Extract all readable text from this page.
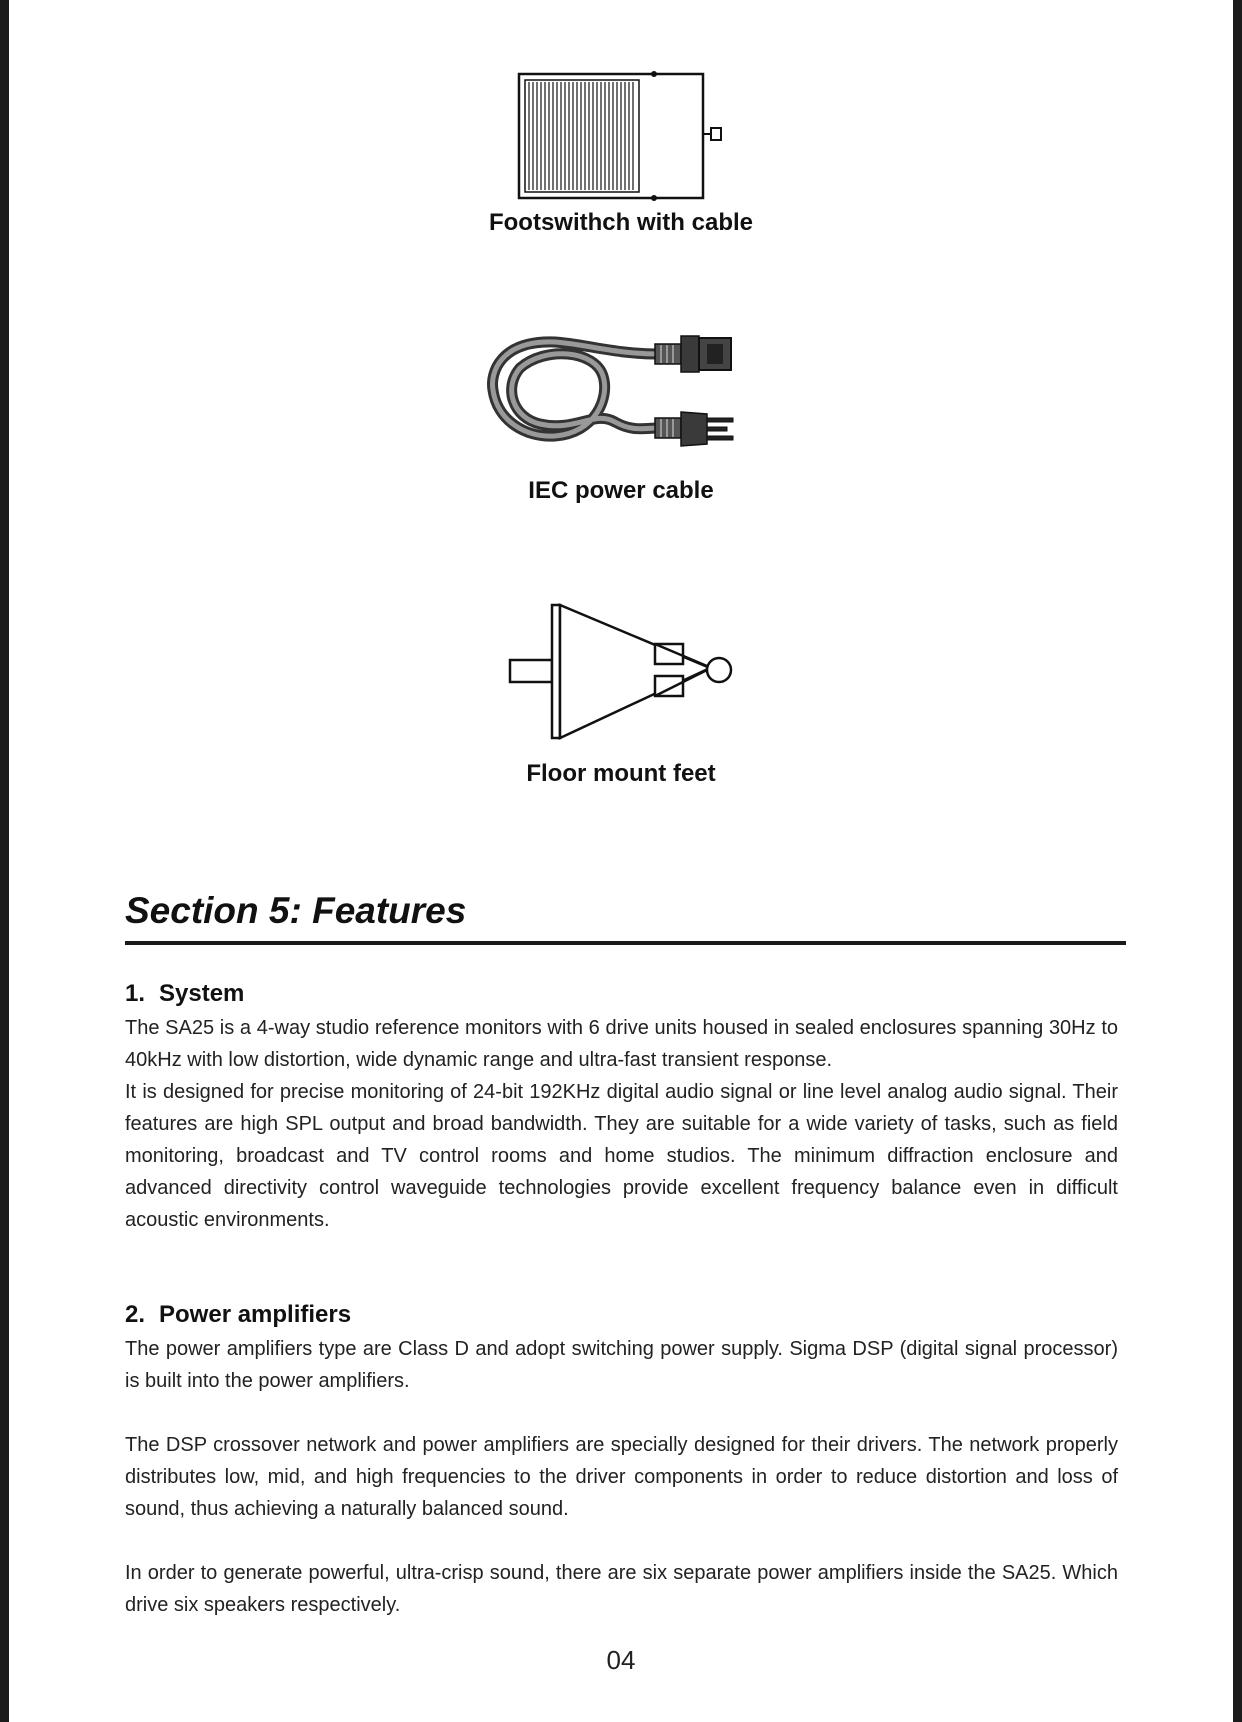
Footswithch with cable
IEC power cable
Floor mount feet
Section 5: Features
1. System

The SA25 is a 4-way studio reference monitors with 6 drive units housed in sealed enclosures spanning 30Hz to 40kHz with low distortion, wide dynamic range and ultra-fast transient response.

It is designed for precise monitoring of 24-bit 192KHz digital audio signal or line level analog audio signal. Their features are high SPL output and broad bandwidth. They are suitable for a wide variety of tasks, such as field monitoring, broadcast and TV control rooms and home studios. The minimum diffraction enclosure and advanced directivity control waveguide technologies provide excellent frequency balance even in difficult acoustic environments.

2. Power amplifiers

The power amplifiers type are Class D and adopt switching power supply. Sigma DSP (digital signal processor) is built into the power amplifiers.

The DSP crossover network and power amplifiers are specially designed for their drivers. The network properly distributes low, mid, and high frequencies to the driver components in order to reduce distortion and loss of sound, thus achieving a naturally balanced sound.

In order to generate powerful, ultra-crisp sound, there are six separate power amplifiers inside the SA25. Which drive six speakers respectively.

04
